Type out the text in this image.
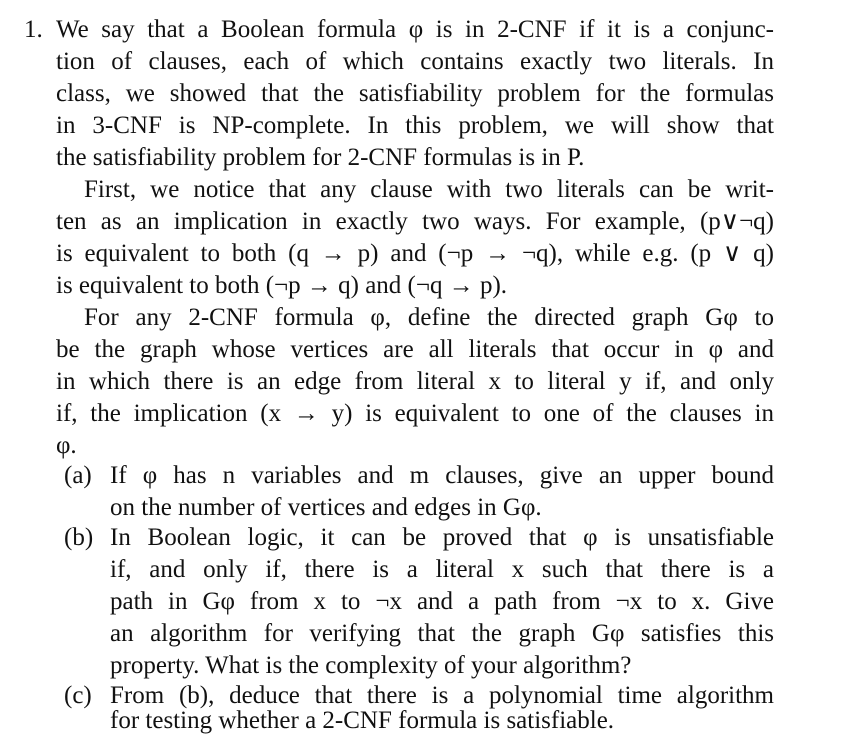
1. We say that a Boolean formula φ is in 2-CNF if it is a conjunc-
tion of clauses, each of which contains exactly two literals. In
class, we showed that the satisfiability problem for the formulas
in 3-CNF is NP-complete. In this problem, we will show that
the satisfiability problem for 2-CNF formulas is in P.
First, we notice that any clause with two literals can be writ-
ten as an implication in exactly two ways. For example, (p∨¬q)
is equivalent to both (q → p) and (¬p → ¬q), while e.g. (p ∨ q)
is equivalent to both (¬p → q) and (¬q → p).
For any 2-CNF formula φ, define the directed graph Gφ to
be the graph whose vertices are all literals that occur in φ and
in which there is an edge from literal x to literal y if, and only
if, the implication (x → y) is equivalent to one of the clauses in
φ.
(a) If φ has n variables and m clauses, give an upper bound
on the number of vertices and edges in Gφ.
(b) In Boolean logic, it can be proved that φ is unsatisfiable
if, and only if, there is a literal x such that there is a
path in Gφ from x to ¬x and a path from ¬x to x. Give
an algorithm for verifying that the graph Gφ satisfies this
property. What is the complexity of your algorithm?
(c) From (b), deduce that there is a polynomial time algorithm
for testing whether a 2-CNF formula is satisfiable.
